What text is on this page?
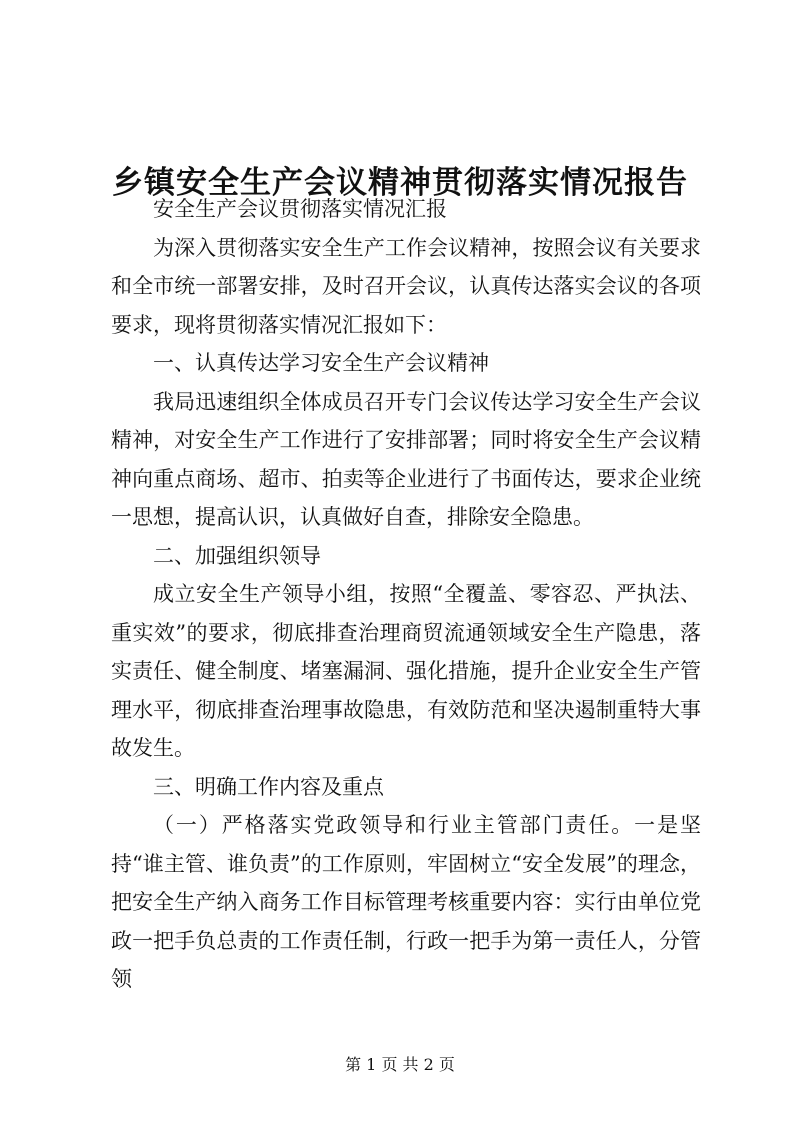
乡镇安全生产会议精神贯彻落实情况报告

安全生产会议贯彻落实情况汇报

为深入贯彻落实安全生产工作会议精神，按照会议有关要求和全市统一部署安排，及时召开会议，认真传达落实会议的各项要求，现将贯彻落实情况汇报如下：

一、认真传达学习安全生产会议精神

我局迅速组织全体成员召开专门会议传达学习安全生产会议精神，对安全生产工作进行了安排部署；同时将安全生产会议精神向重点商场、超市、拍卖等企业进行了书面传达，要求企业统一思想，提高认识，认真做好自查，排除安全隐患。

二、加强组织领导

成立安全生产领导小组，按照“全覆盖、零容忍、严执法、重实效”的要求，彻底排查治理商贸流通领域安全生产隐患，落实责任、健全制度、堵塞漏洞、强化措施，提升企业安全生产管理水平，彻底排查治理事故隐患，有效防范和坚决遏制重特大事故发生。

三、明确工作内容及重点

（一）严格落实党政领导和行业主管部门责任。一是坚持“谁主管、谁负责”的工作原则，牢固树立“安全发展”的理念，把安全生产纳入商务工作目标管理考核重要内容：实行由单位党政一把手负总责的工作责任制，行政一把手为第一责任人，分管领

第 1 页 共 2 页
